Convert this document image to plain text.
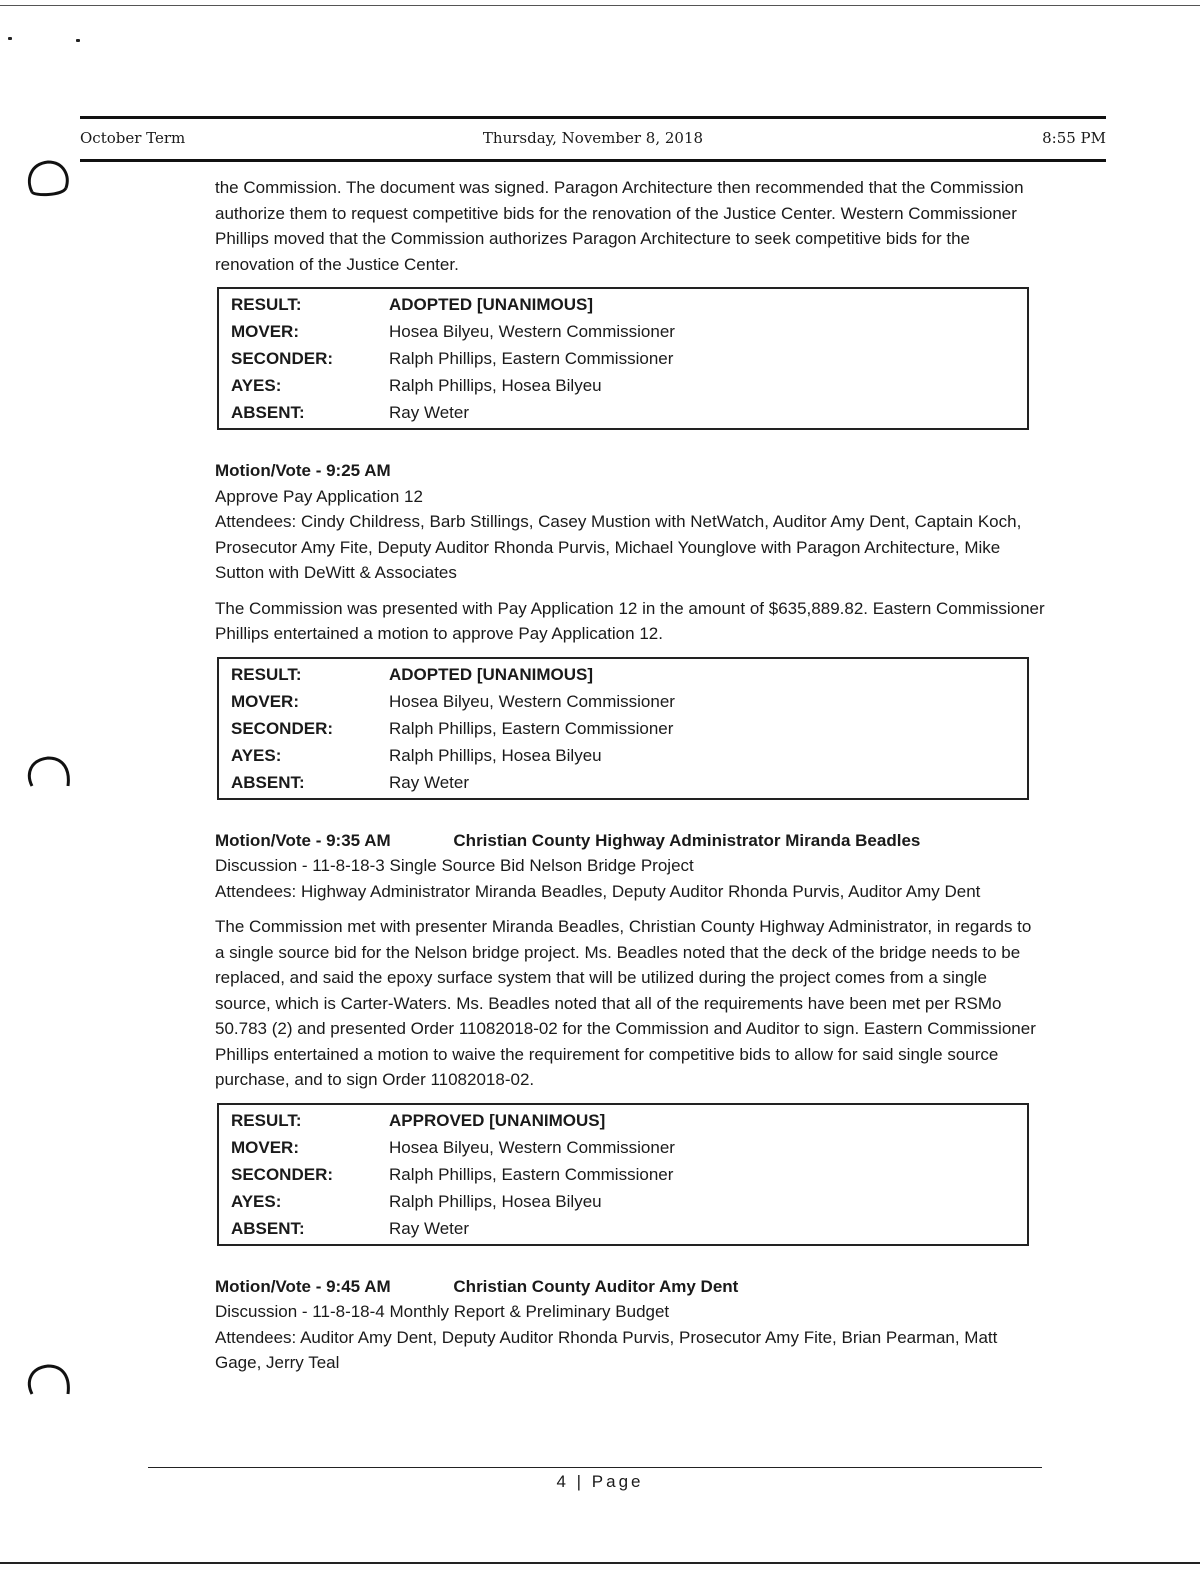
October Term	Thursday, November 8, 2018	8:55 PM

the Commission. The document was signed. Paragon Architecture then recommended that the Commission authorize them to request competitive bids for the renovation of the Justice Center. Western Commissioner Phillips moved that the Commission authorizes Paragon Architecture to seek competitive bids for the renovation of the Justice Center.

RESULT:	ADOPTED [UNANIMOUS]
MOVER:	Hosea Bilyeu, Western Commissioner
SECONDER:	Ralph Phillips, Eastern Commissioner
AYES:	Ralph Phillips, Hosea Bilyeu
ABSENT:	Ray Weter
Motion/Vote - 9:25 AM
Approve Pay Application 12

Attendees: Cindy Childress, Barb Stillings, Casey Mustion with NetWatch, Auditor Amy Dent, Captain Koch, Prosecutor Amy Fite, Deputy Auditor Rhonda Purvis, Michael Younglove with Paragon Architecture, Mike Sutton with DeWitt & Associates

The Commission was presented with Pay Application 12 in the amount of $635,889.82. Eastern Commissioner Phillips entertained a motion to approve Pay Application 12.

RESULT:	ADOPTED [UNANIMOUS]
MOVER:	Hosea Bilyeu, Western Commissioner
SECONDER:	Ralph Phillips, Eastern Commissioner
AYES:	Ralph Phillips, Hosea Bilyeu
ABSENT:	Ray Weter
Motion/Vote - 9:35 AM	Christian County Highway Administrator Miranda Beadles
Discussion - 11-8-18-3 Single Source Bid Nelson Bridge Project

Attendees: Highway Administrator Miranda Beadles, Deputy Auditor Rhonda Purvis, Auditor Amy Dent

The Commission met with presenter Miranda Beadles, Christian County Highway Administrator, in regards to a single source bid for the Nelson bridge project. Ms. Beadles noted that the deck of the bridge needs to be replaced, and said the epoxy surface system that will be utilized during the project comes from a single source, which is Carter-Waters. Ms. Beadles noted that all of the requirements have been met per RSMo 50.783 (2) and presented Order 11082018-02 for the Commission and Auditor to sign. Eastern Commissioner Phillips entertained a motion to waive the requirement for competitive bids to allow for said single source purchase, and to sign Order 11082018-02.

RESULT:	APPROVED [UNANIMOUS]
MOVER:	Hosea Bilyeu, Western Commissioner
SECONDER:	Ralph Phillips, Eastern Commissioner
AYES:	Ralph Phillips, Hosea Bilyeu
ABSENT:	Ray Weter
Motion/Vote - 9:45 AM	Christian County Auditor Amy Dent
Discussion - 11-8-18-4 Monthly Report & Preliminary Budget

Attendees: Auditor Amy Dent, Deputy Auditor Rhonda Purvis, Prosecutor Amy Fite, Brian Pearman, Matt Gage, Jerry Teal

4 | Page
